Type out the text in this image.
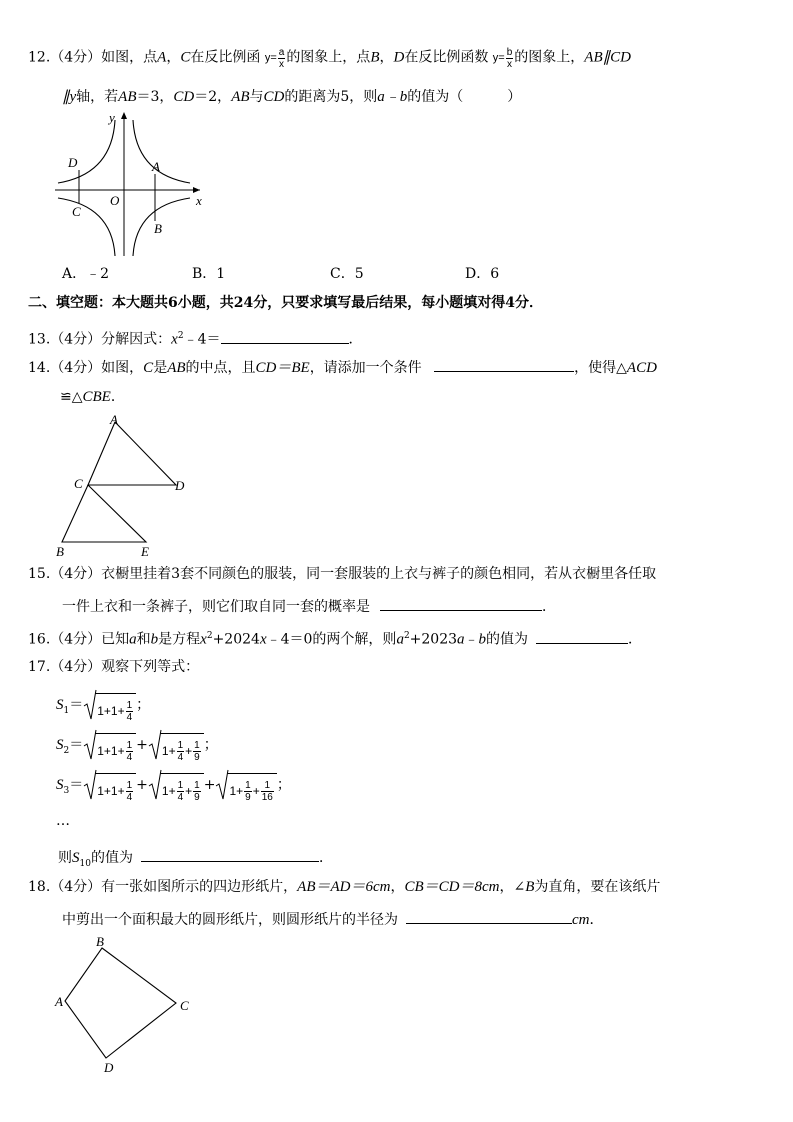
12.（4分）如图，点A，C在反比例函 $y= \frac{a}{x}$ 的图象上，点B，D在反比例函数 $y= \frac{b}{x}$ 的图象上，AB∥CD
∥y轴，若AB＝3，CD＝2，AB与CD的距离为5，则a﹣b的值为（	）
y
x
O
A
B
C
D
A．﹣2	B．1	C．5	D．6
二、填空题：本大题共6小题，共24分，只要求填写最后结果，每小题填对得4分．
13.（4分）分解因式：$x^2﹣4=$	．
14.（4分）如图，C是AB的中点，且CD＝BE，请添加一个条件	，使得△ACD
≌△CBE．
A
D
C
B	E
15.（4分）衣橱里挂着3套不同颜色的服装，同一套服装的上衣与裤子的颜色相同，若从衣橱里各任取
一件上衣和一条裤子，则它们取自同一套的概率是	．
16.（4分）已知a和b是方程$x^2+2024x﹣4=0$的两个解，则$a^2+2023a﹣b$的值为	．
17.（4分）观察下列等式：
$S_1= 1+1+ \frac{1}{4}$ ；
$S_2= 1+1+ \frac{1}{4} + 1+ \frac{1}{4} + \frac{1}{9}$ ；
$S_3= 1+1+ \frac{1}{4} + 1+ \frac{1}{4} + \frac{1}{9} + 1+ \frac{1}{9} + \frac{1}{16}$ ；
…
则$S_{10}$的值为	．
18.（4分）有一张如图所示的四边形纸片，AB＝AD＝6cm，CB＝CD＝8cm，∠B为直角，要在该纸片
中剪出一个面积最大的圆形纸片，则圆形纸片的半径为	cm．
B
C
A
D
